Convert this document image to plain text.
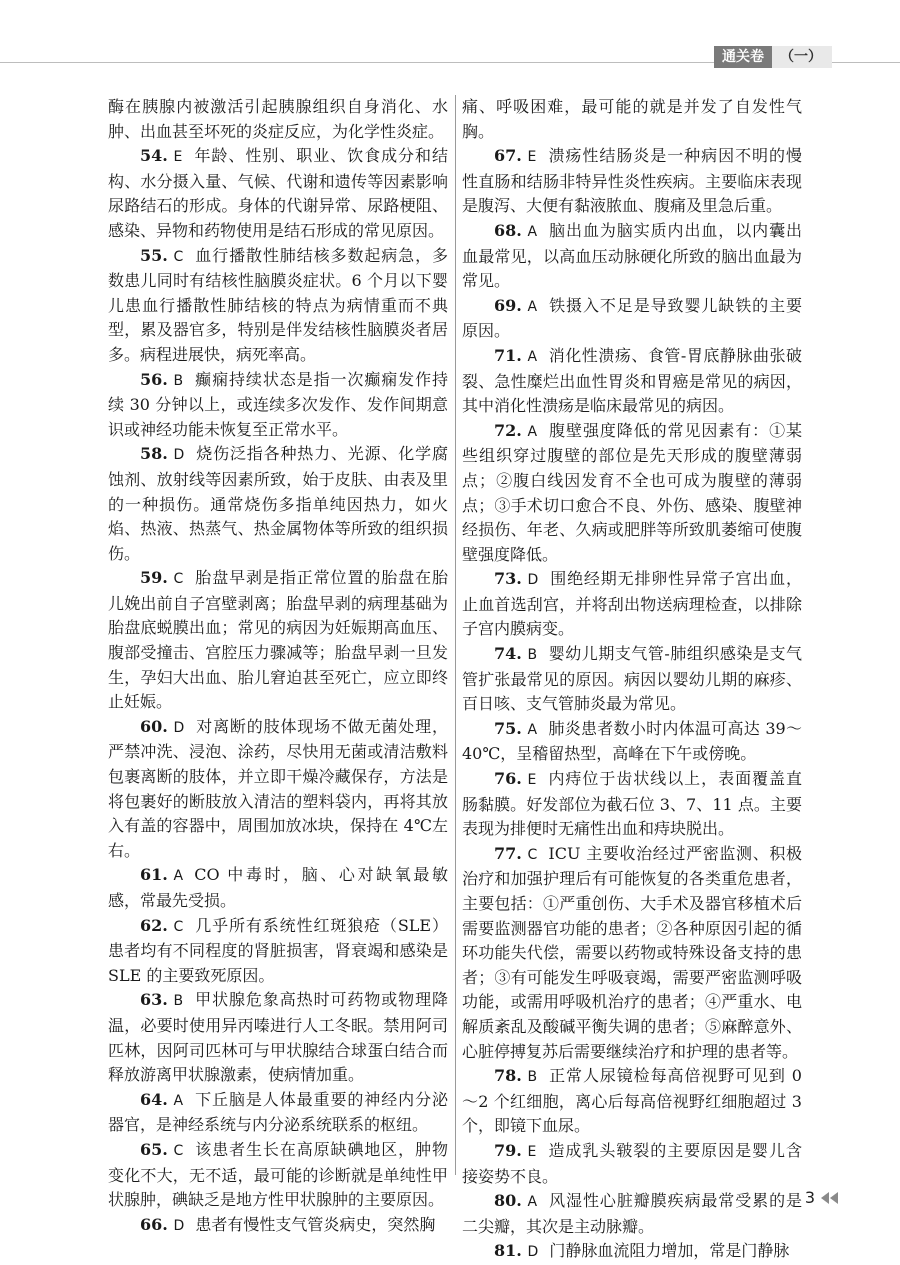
通关卷	（一）

酶在胰腺内被激活引起胰腺组织自身消化、水肿、出血甚至坏死的炎症反应，为化学性炎症。

54. E 年龄、性别、职业、饮食成分和结构、水分摄入量、气候、代谢和遗传等因素影响尿路结石的形成。身体的代谢异常、尿路梗阻、感染、异物和药物使用是结石形成的常见原因。

55. C 血行播散性肺结核多数起病急，多数患儿同时有结核性脑膜炎症状。6 个月以下婴儿患血行播散性肺结核的特点为病情重而不典型，累及器官多，特别是伴发结核性脑膜炎者居多。病程进展快，病死率高。

56. B 癫痫持续状态是指一次癫痫发作持续 30 分钟以上，或连续多次发作、发作间期意识或神经功能未恢复至正常水平。

58. D 烧伤泛指各种热力、光源、化学腐蚀剂、放射线等因素所致，始于皮肤、由表及里的一种损伤。通常烧伤多指单纯因热力，如火焰、热液、热蒸气、热金属物体等所致的组织损伤。

59. C 胎盘早剥是指正常位置的胎盘在胎儿娩出前自子宫壁剥离；胎盘早剥的病理基础为胎盘底蜕膜出血；常见的病因为妊娠期高血压、腹部受撞击、宫腔压力骤减等；胎盘早剥一旦发生，孕妇大出血、胎儿窘迫甚至死亡，应立即终止妊娠。

60. D 对离断的肢体现场不做无菌处理，严禁冲洗、浸泡、涂药，尽快用无菌或清洁敷料包裹离断的肢体，并立即干燥冷藏保存，方法是将包裹好的断肢放入清洁的塑料袋内，再将其放入有盖的容器中，周围加放冰块，保持在 4℃左右。

61. A CO 中毒时，脑、心对缺氧最敏感，常最先受损。

62. C 几乎所有系统性红斑狼疮（SLE）患者均有不同程度的肾脏损害，肾衰竭和感染是 SLE 的主要致死原因。

63. B 甲状腺危象高热时可药物或物理降温，必要时使用异丙嗪进行人工冬眠。禁用阿司匹林，因阿司匹林可与甲状腺结合球蛋白结合而释放游离甲状腺激素，使病情加重。

64. A 下丘脑是人体最重要的神经内分泌器官，是神经系统与内分泌系统联系的枢纽。

65. C 该患者生长在高原缺碘地区，肿物变化不大，无不适，最可能的诊断就是单纯性甲状腺肿，碘缺乏是地方性甲状腺肿的主要原因。

66. D 患者有慢性支气管炎病史，突然胸

痛、呼吸困难，最可能的就是并发了自发性气胸。

67. E 溃疡性结肠炎是一种病因不明的慢性直肠和结肠非特异性炎性疾病。主要临床表现是腹泻、大便有黏液脓血、腹痛及里急后重。

68. A 脑出血为脑实质内出血，以内囊出血最常见，以高血压动脉硬化所致的脑出血最为常见。

69. A 铁摄入不足是导致婴儿缺铁的主要原因。

71. A 消化性溃疡、食管-胃底静脉曲张破裂、急性糜烂出血性胃炎和胃癌是常见的病因，其中消化性溃疡是临床最常见的病因。

72. A 腹壁强度降低的常见因素有：①某些组织穿过腹壁的部位是先天形成的腹壁薄弱点；②腹白线因发育不全也可成为腹壁的薄弱点；③手术切口愈合不良、外伤、感染、腹壁神经损伤、年老、久病或肥胖等所致肌萎缩可使腹壁强度降低。

73. D 围绝经期无排卵性异常子宫出血，止血首选刮宫，并将刮出物送病理检查，以排除子宫内膜病变。

74. B 婴幼儿期支气管-肺组织感染是支气管扩张最常见的原因。病因以婴幼儿期的麻疹、百日咳、支气管肺炎最为常见。

75. A 肺炎患者数小时内体温可高达 39～40℃，呈稽留热型，高峰在下午或傍晚。

76. E 内痔位于齿状线以上，表面覆盖直肠黏膜。好发部位为截石位 3、7、11 点。主要表现为排便时无痛性出血和痔块脱出。

77. C ICU 主要收治经过严密监测、积极治疗和加强护理后有可能恢复的各类重危患者，主要包括：①严重创伤、大手术及器官移植术后需要监测器官功能的患者；②各种原因引起的循环功能失代偿，需要以药物或特殊设备支持的患者；③有可能发生呼吸衰竭，需要严密监测呼吸功能，或需用呼吸机治疗的患者；④严重水、电解质紊乱及酸碱平衡失调的患者；⑤麻醉意外、心脏停搏复苏后需要继续治疗和护理的患者等。

78. B 正常人尿镜检每高倍视野可见到 0～2 个红细胞，离心后每高倍视野红细胞超过 3 个，即镜下血尿。

79. E 造成乳头皲裂的主要原因是婴儿含接姿势不良。

80. A 风湿性心脏瓣膜疾病最常受累的是二尖瓣，其次是主动脉瓣。

81. D 门静脉血流阻力增加，常是门静脉

3
